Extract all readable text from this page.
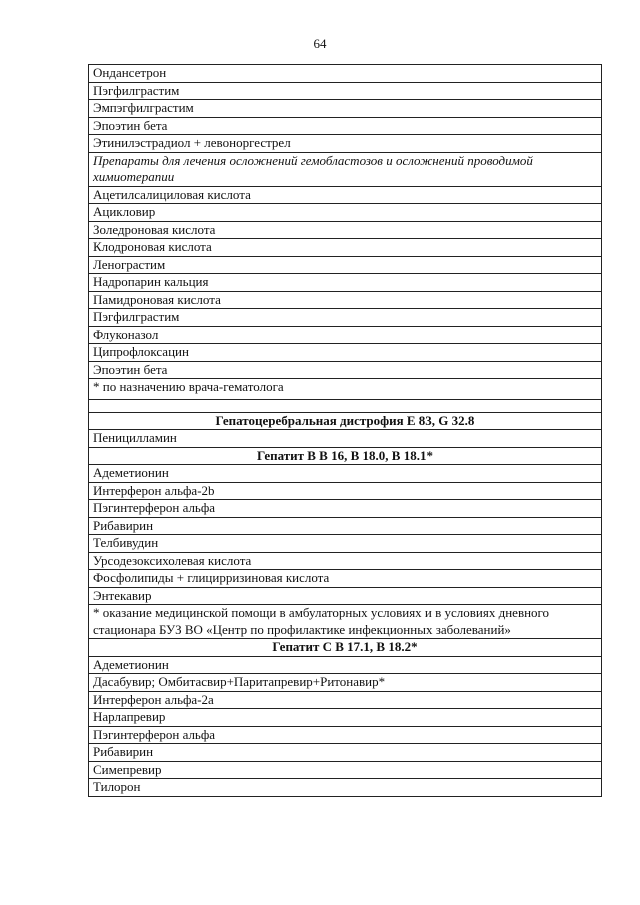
64
Ондансетрон
Пэгфилграстим
Эмпэгфилграстим
Эпоэтин бета
Этинилэстрадиол + левоноргестрел
Препараты для лечения осложнений гемобластозов и осложнений проводимой химиотерапии
Ацетилсалициловая кислота
Ацикловир
Золедроновая кислота
Клодроновая кислота
Ленограстим
Надропарин кальция
Памидроновая кислота
Пэгфилграстим
Флуконазол
Ципрофлоксацин
Эпоэтин бета
* по назначению врача-гематолога

Гепатоцеребральная дистрофия Е 83, G 32.8
Пеницилламин
Гепатит В В 16, В 18.0, В 18.1*
Адеметионин
Интерферон альфа-2b
Пэгинтерферон альфа
Рибавирин
Телбивудин
Урсодезоксихолевая кислота
Фосфолипиды + глицирризиновая кислота
Энтекавир
* оказание медицинской помощи в амбулаторных условиях и в условиях дневного стационара БУЗ ВО «Центр по профилактике инфекционных заболеваний»
Гепатит С В 17.1, В 18.2*
Адеметионин
Дасабувир; Омбитасвир+Паритапревир+Ритонавир*
Интерферон альфа-2а
Нарлапревир
Пэгинтерферон альфа
Рибавирин
Симепревир
Тилорон
